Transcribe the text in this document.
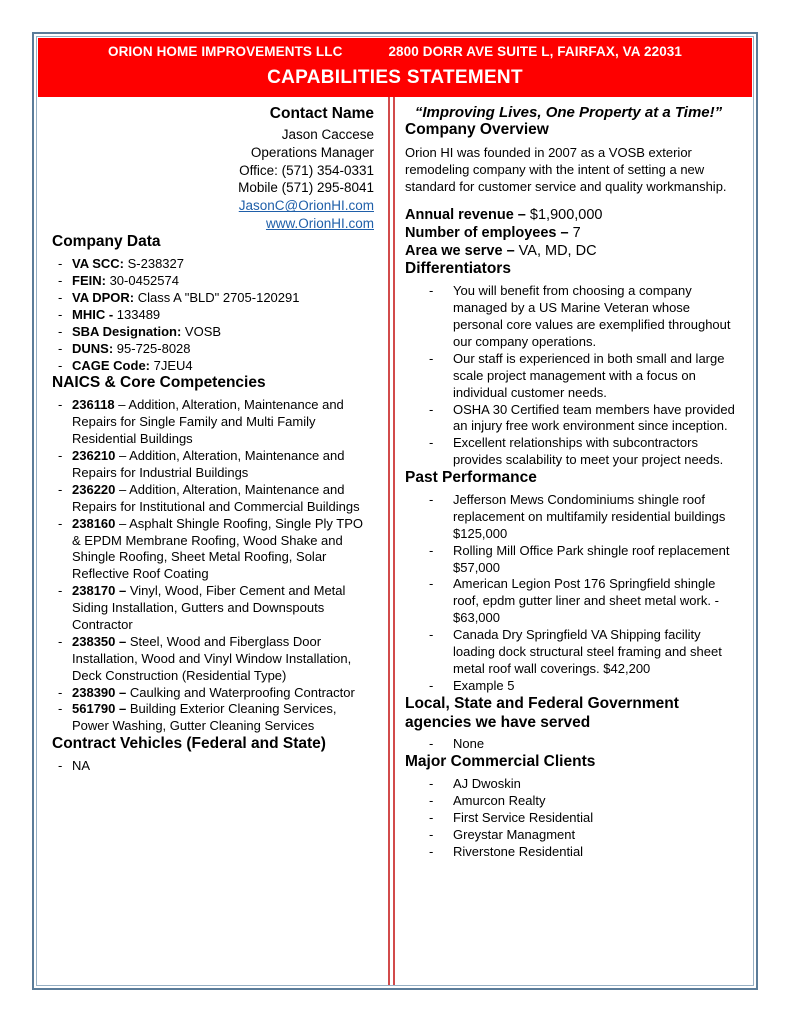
ORION HOME IMPROVEMENTS LLC	2800 DORR AVE SUITE L, FAIRFAX, VA 22031
CAPABILITIES STATEMENT
Contact Name
Jason Caccese
Operations Manager
Office: (571) 354-0331
Mobile (571) 295-8041
JasonC@OrionHI.com
www.OrionHI.com
Company Data
- VA SCC: S-238327
- FEIN: 30-0452574
- VA DPOR: Class A "BLD" 2705-120291
- MHIC - 133489
- SBA Designation: VOSB
- DUNS: 95-725-8028
- CAGE Code: 7JEU4
NAICS & Core Competencies
- 236118 – Addition, Alteration, Maintenance and Repairs for Single Family and Multi Family Residential Buildings
- 236210 – Addition, Alteration, Maintenance and Repairs for Industrial Buildings
- 236220 – Addition, Alteration, Maintenance and Repairs for Institutional and Commercial Buildings
- 238160 – Asphalt Shingle Roofing, Single Ply TPO & EPDM Membrane Roofing, Wood Shake and Shingle Roofing, Sheet Metal Roofing, Solar Reflective Roof Coating
- 238170 – Vinyl, Wood, Fiber Cement and Metal Siding Installation, Gutters and Downspouts Contractor
- 238350 – Steel, Wood and Fiberglass Door Installation, Wood and Vinyl Window Installation, Deck Construction (Residential Type)
- 238390 – Caulking and Waterproofing Contractor
- 561790 – Building Exterior Cleaning Services, Power Washing, Gutter Cleaning Services
Contract Vehicles (Federal and State)
- NA
“Improving Lives, One Property at a Time!”
Company Overview

Orion HI was founded in 2007 as a VOSB exterior remodeling company with the intent of setting a new standard for customer service and quality workmanship.

Annual revenue – $1,900,000
Number of employees – 7
Area we serve – VA, MD, DC
Differentiators
- You will benefit from choosing a company managed by a US Marine Veteran whose personal core values are exemplified throughout our company operations.
- Our staff is experienced in both small and large scale project management with a focus on individual customer needs.
- OSHA 30 Certified team members have provided an injury free work environment since inception.
- Excellent relationships with subcontractors provides scalability to meet your project needs.
Past Performance
- Jefferson Mews Condominiums shingle roof replacement on multifamily residential buildings $125,000
- Rolling Mill Office Park shingle roof replacement $57,000
- American Legion Post 176 Springfield shingle roof, epdm gutter liner and sheet metal work. - $63,000
- Canada Dry Springfield VA Shipping facility loading dock structural steel framing and sheet metal roof wall coverings. $42,200
- Example 5
Local, State and Federal Government agencies we have served
- None
Major Commercial Clients
- AJ Dwoskin
- Amurcon Realty
- First Service Residential
- Greystar Managment
- Riverstone Residential
